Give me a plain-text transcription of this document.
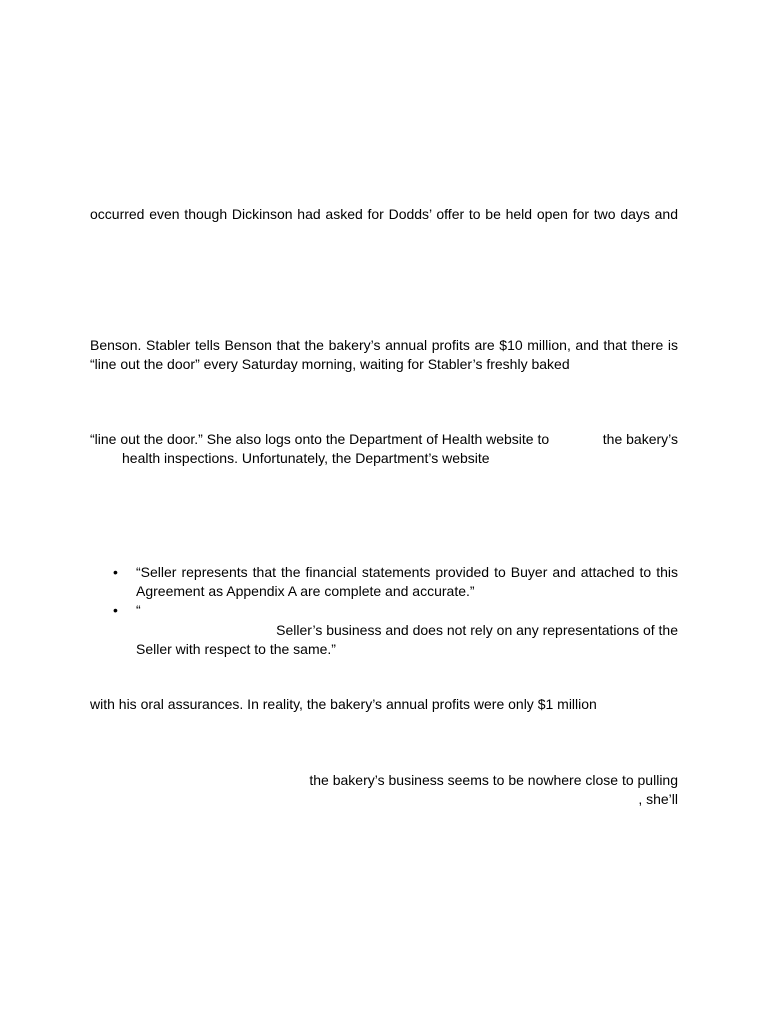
occurred even though Dickinson had asked for Dodds’ offer to be held open for two days and
Benson. Stabler tells Benson that the bakery’s annual profits are $10 million, and that there is
“line out the door” every Saturday morning, waiting for Stabler’s freshly baked
“line out the door.” She also logs onto the Department of Health website to	the bakery’s
health inspections. Unfortunately, the Department’s website
• “Seller represents that the financial statements provided to Buyer and attached to this
Agreement as Appendix A are complete and accurate.”
• “
Seller’s business and does not rely on any representations of the
Seller with respect to the same.”
with his oral assurances. In reality, the bakery’s annual profits were only $1 million
the bakery’s business seems to be nowhere close to pulling
, she’ll
